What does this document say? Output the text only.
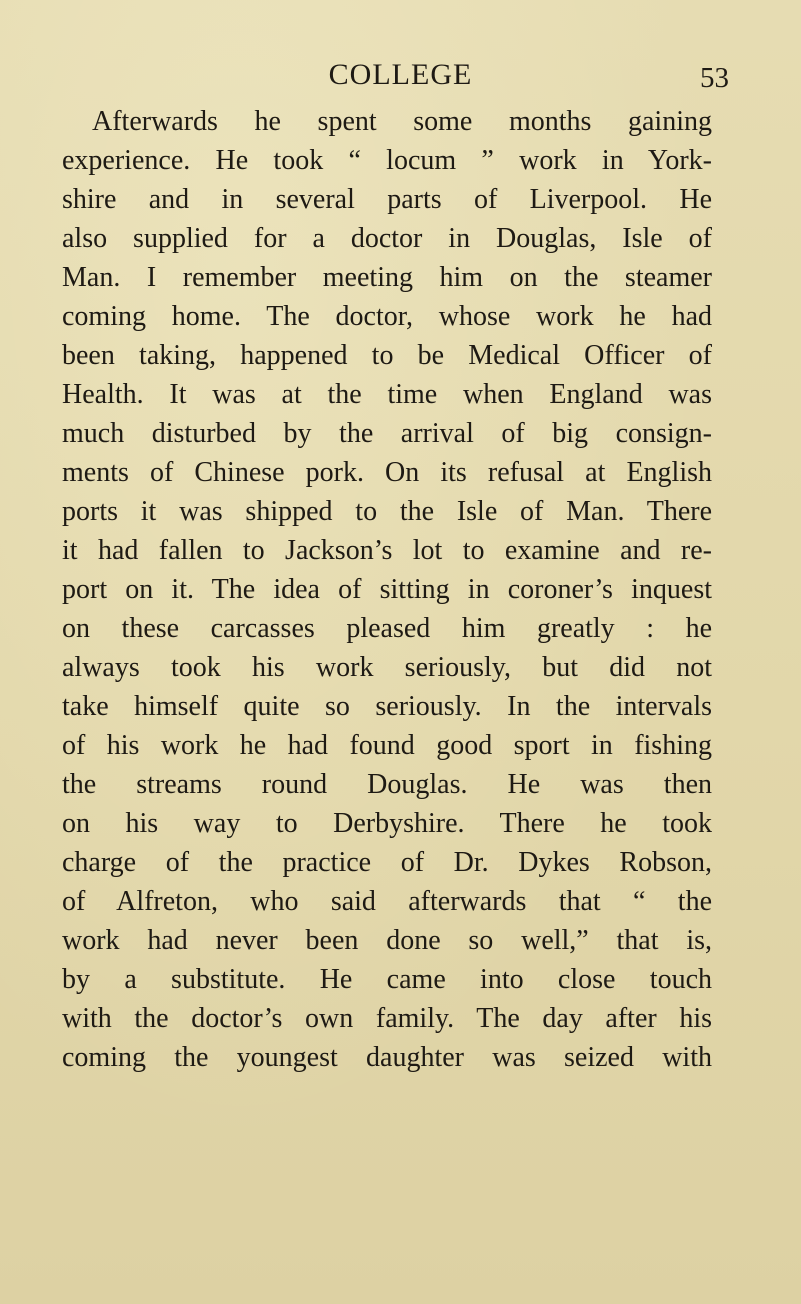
COLLEGE	53
Afterwards he spent some months gaining
experience. He took “ locum ” work in York-
shire and in several parts of Liverpool. He
also supplied for a doctor in Douglas, Isle of
Man. I remember meeting him on the steamer
coming home. The doctor, whose work he had
been taking, happened to be Medical Officer of
Health. It was at the time when England was
much disturbed by the arrival of big consign-
ments of Chinese pork. On its refusal at English
ports it was shipped to the Isle of Man. There
it had fallen to Jackson’s lot to examine and re-
port on it. The idea of sitting in coroner’s inquest
on these carcasses pleased him greatly : he
always took his work seriously, but did not
take himself quite so seriously. In the intervals
of his work he had found good sport in fishing
the streams round Douglas. He was then
on his way to Derbyshire. There he took
charge of the practice of Dr. Dykes Robson,
of Alfreton, who said afterwards that “ the
work had never been done so well,” that is,
by a substitute. He came into close touch
with the doctor’s own family. The day after his
coming the youngest daughter was seized with
